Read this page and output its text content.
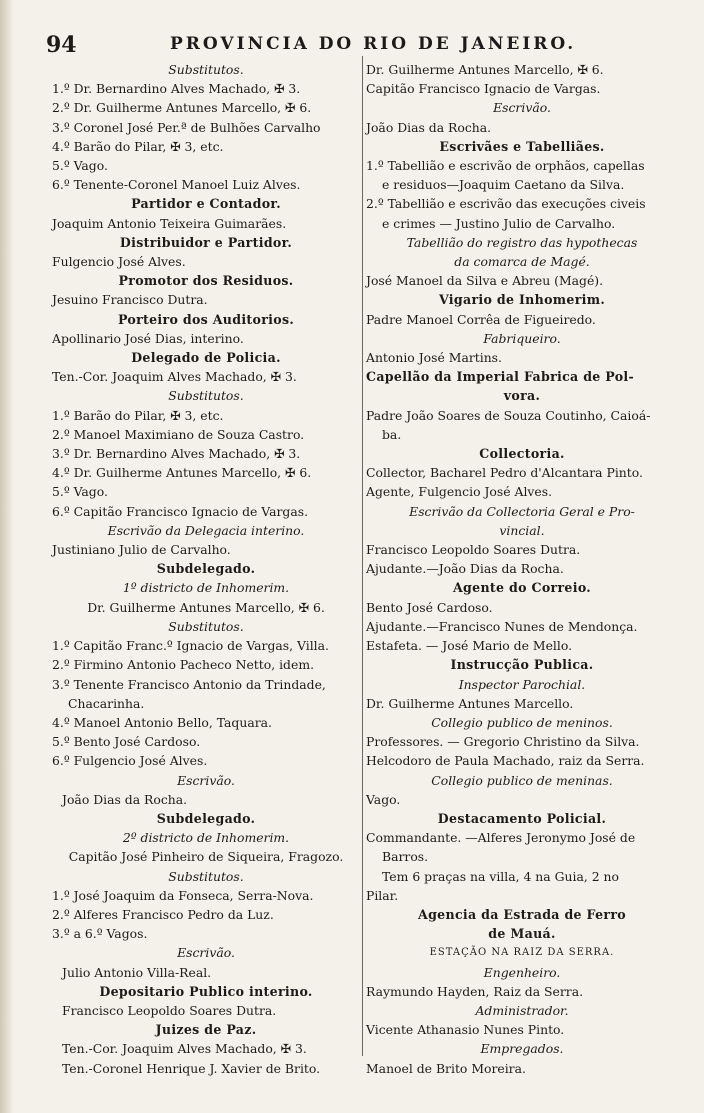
94	PROVINCIA DO RIO DE JANEIRO.
Substitutos.
1.º Dr. Bernardino Alves Machado, ✠ 3.
2.º Dr. Guilherme Antunes Marcello, ✠ 6.
3.º Coronel José Per.ª de Bulhões Carvalho
4.º Barão do Pilar, ✠ 3, etc.
5.º Vago.
6.º Tenente-Coronel Manoel Luiz Alves.
Partidor e Contador.
Joaquim Antonio Teixeira Guimarães.
Distribuidor e Partidor.
Fulgencio José Alves.
Promotor dos Residuos.
Jesuino Francisco Dutra.
Porteiro dos Auditorios.
Apollinario José Dias, interino.
Delegado de Policia.
Ten.-Cor. Joaquim Alves Machado, ✠ 3.
Substitutos.
1.º Barão do Pilar, ✠ 3, etc.
2.º Manoel Maximiano de Souza Castro.
3.º Dr. Bernardino Alves Machado, ✠ 3.
4.º Dr. Guilherme Antunes Marcello, ✠ 6.
5.º Vago.
6.º Capitão Francisco Ignacio de Vargas.
Escrivão da Delegacia interino.
Justiniano Julio de Carvalho.
Subdelegado.
1º districto de Inhomerim.
Dr. Guilherme Antunes Marcello, ✠ 6.
Substitutos.
1.º Capitão Franc.º Ignacio de Vargas, Villa.
2.º Firmino Antonio Pacheco Netto, idem.
3.º Tenente Francisco Antonio da Trindade,
Chacarinha.
4.º Manoel Antonio Bello, Taquara.
5.º Bento José Cardoso.
6.º Fulgencio José Alves.
Escrivão.
João Dias da Rocha.
Subdelegado.
2º districto de Inhomerim.
Capitão José Pinheiro de Siqueira, Fragozo.
Substitutos.
1.º José Joaquim da Fonseca, Serra-Nova.
2.º Alferes Francisco Pedro da Luz.
3.º a 6.º Vagos.
Escrivão.
Julio Antonio Villa-Real.
Depositario Publico interino.
Francisco Leopoldo Soares Dutra.
Juizes de Paz.
Ten.-Cor. Joaquim Alves Machado, ✠ 3.
Ten.-Coronel Henrique J. Xavier de Brito.
Dr. Guilherme Antunes Marcello, ✠ 6.
Capitão Francisco Ignacio de Vargas.
Escrivão.
João Dias da Rocha.
Escrivães e Tabelliães.
1.º Tabellião e escrivão de orphãos, capellas
e residuos—Joaquim Caetano da Silva.
2.º Tabellião e escrivão das execuções civeis
e crimes — Justino Julio de Carvalho.
Tabellião do registro das hypothecas
da comarca de Magé.
José Manoel da Silva e Abreu (Magé).
Vigario de Inhomerim.
Padre Manoel Corrêa de Figueiredo.
Fabriqueiro.
Antonio José Martins.
Capellão da Imperial Fabrica de Pol-
vora.
Padre João Soares de Souza Coutinho, Caioá-
ba.
Collectoria.
Collector, Bacharel Pedro d'Alcantara Pinto.
Agente, Fulgencio José Alves.
Escrivão da Collectoria Geral e Pro-
vincial.
Francisco Leopoldo Soares Dutra.
Ajudante.—João Dias da Rocha.
Agente do Correio.
Bento José Cardoso.
Ajudante.—Francisco Nunes de Mendonça.
Estafeta. — José Mario de Mello.
Instrucção Publica.
Inspector Parochial.
Dr. Guilherme Antunes Marcello.
Collegio publico de meninos.
Professores. — Gregorio Christino da Silva.
Helcodoro de Paula Machado, raiz da Serra.
Collegio publico de meninas.
Vago.
Destacamento Policial.
Commandante. —Alferes Jeronymo José de
Barros.
Tem 6 praças na villa, 4 na Guia, 2 no
Pilar.
Agencia da Estrada de Ferro
de Mauá.
ESTAÇÃO NA RAIZ DA SERRA.
Engenheiro.
Raymundo Hayden, Raiz da Serra.
Administrador.
Vicente Athanasio Nunes Pinto.
Empregados.
Manoel de Brito Moreira.
